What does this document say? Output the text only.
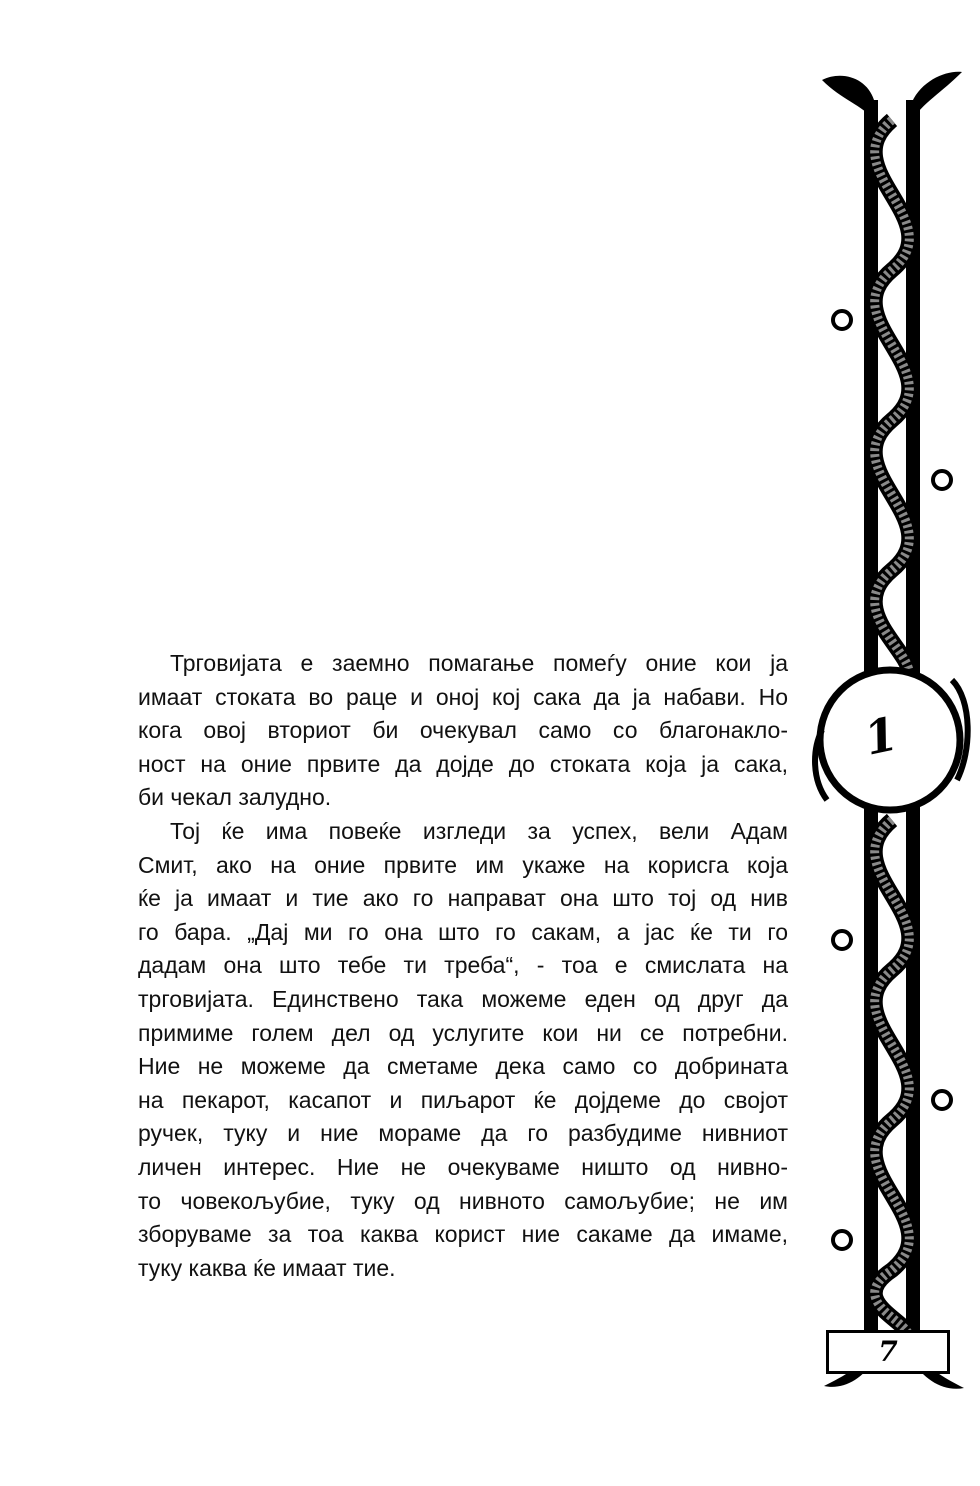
Трговијата е заемно помагање помеѓу оние кои ја

имаат стоката во раце и оној кој сака да ја набави. Но

кога овој вториот би очекувал само со благонакло-

ност на оние првите да дојде до стоката која ја сака,

би чекал залудно.

Тој ќе има повеќе изгледи за успех, вели Адам

Смит, ако на оние првите им укаже на корисга која

ќе ја имаат и тие ако го направат она што тој од нив

го бара. „Дај ми го она што го сакам, а јас ќе ти го

дадам она што тебе ти треба“, - тоа е смислата на

трговијата. Единствено така можеме еден од друг да

примиме голем дел од услугите кои ни се потребни.

Ние не можеме да сметаме дека само со добрината

на пекарот, касапот и пиљарот ќе дојдеме до својот

ручек, туку и ние мораме да го разбудиме нивниот

личен интерес. Ние не очекуваме ништо од нивно-

то човекољубие, туку од нивното самољубие; не им

зборуваме за тоа каква корист ние сакаме да имаме,

туку каква ќе имаат тие.

1
7
